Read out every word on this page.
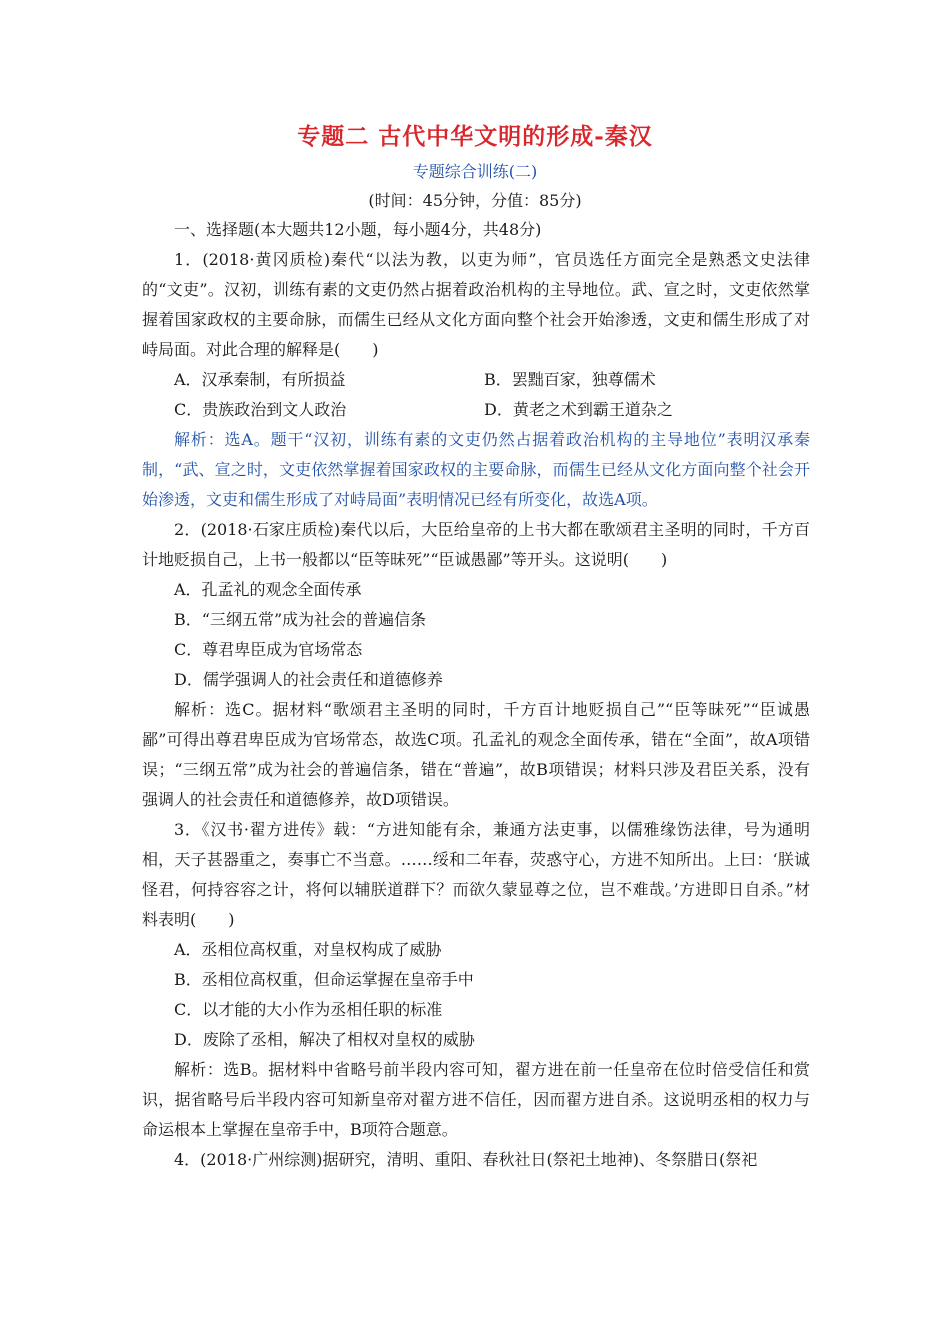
专题二 古代中华文明的形成-秦汉
专题综合训练(二)
(时间：45分钟，分值：85分)

一、选择题(本大题共12小题，每小题4分，共48分)

1．(2018·黄冈质检)秦代“以法为教，以吏为师”，官员选任方面完全是熟悉文史法律的“文吏”。汉初，训练有素的文吏仍然占据着政治机构的主导地位。武、宣之时，文吏依然掌握着国家政权的主要命脉，而儒生已经从文化方面向整个社会开始渗透，文吏和儒生形成了对峙局面。对此合理的解释是(　　)

A．汉承秦制，有所损益	B．罢黜百家，独尊儒术
C．贵族政治到文人政治	D．黄老之术到霸王道杂之

解析：选A。题干“汉初，训练有素的文吏仍然占据着政治机构的主导地位”表明汉承秦制，“武、宣之时，文吏依然掌握着国家政权的主要命脉，而儒生已经从文化方面向整个社会开始渗透，文吏和儒生形成了对峙局面”表明情况已经有所变化，故选A项。

2．(2018·石家庄质检)秦代以后，大臣给皇帝的上书大都在歌颂君主圣明的同时，千方百计地贬损自己，上书一般都以“臣等昧死”“臣诚愚鄙”等开头。这说明(　　)

A．孔孟礼的观念全面传承
B．“三纲五常”成为社会的普遍信条
C．尊君卑臣成为官场常态
D．儒学强调人的社会责任和道德修养

解析：选C。据材料“歌颂君主圣明的同时，千方百计地贬损自己”“臣等昧死”“臣诚愚鄙”可得出尊君卑臣成为官场常态，故选C项。孔孟礼的观念全面传承，错在“全面”，故A项错误；“三纲五常”成为社会的普遍信条，错在“普遍”，故B项错误；材料只涉及君臣关系，没有强调人的社会责任和道德修养，故D项错误。

3．《汉书·翟方进传》载：“方进知能有余，兼通方法吏事，以儒雅缘饬法律，号为通明相，天子甚器重之，奏事亡不当意。……绥和二年春，荧惑守心，方进不知所出。上曰：‘朕诚怪君，何持容容之计，将何以辅朕道群下？而欲久蒙显尊之位，岂不难哉。’方进即日自杀。”材料表明(　　)

A．丞相位高权重，对皇权构成了威胁
B．丞相位高权重，但命运掌握在皇帝手中
C．以才能的大小作为丞相任职的标准
D．废除了丞相，解决了相权对皇权的威胁

解析：选B。据材料中省略号前半段内容可知，翟方进在前一任皇帝在位时倍受信任和赏识，据省略号后半段内容可知新皇帝对翟方进不信任，因而翟方进自杀。这说明丞相的权力与命运根本上掌握在皇帝手中，B项符合题意。

4．(2018·广州综测)据研究，清明、重阳、春秋社日(祭祀土地神)、冬祭腊日(祭祀
